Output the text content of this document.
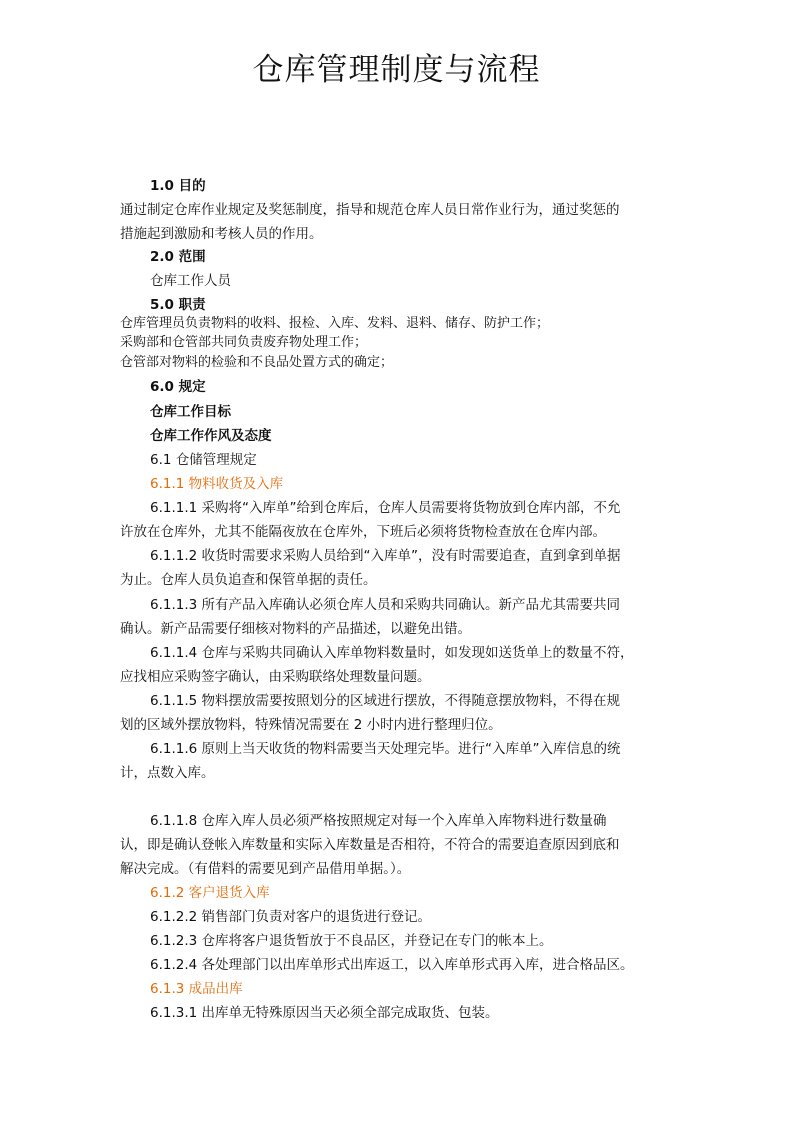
仓库管理制度与流程
1.0 目的
通过制定仓库作业规定及奖惩制度，指导和规范仓库人员日常作业行为，通过奖惩的
措施起到激励和考核人员的作用。
2.0 范围
仓库工作人员
5.0 职责
仓库管理员负责物料的收料、报检、入库、发料、退料、储存、防护工作；
采购部和仓管部共同负责废弃物处理工作；
仓管部对物料的检验和不良品处置方式的确定；
6.0 规定
仓库工作目标
仓库工作作风及态度
6.1 仓储管理规定
6.1.1 物料收货及入库
6.1.1.1 采购将“入库单”给到仓库后，仓库人员需要将货物放到仓库内部，不允
许放在仓库外，尤其不能隔夜放在仓库外，下班后必须将货物检查放在仓库内部。
6.1.1.2 收货时需要求采购人员给到“入库单”，没有时需要追查，直到拿到单据
为止。仓库人员负追查和保管单据的责任。
6.1.1.3 所有产品入库确认必须仓库人员和采购共同确认。新产品尤其需要共同
确认。新产品需要仔细核对物料的产品描述，以避免出错。
6.1.1.4 仓库与采购共同确认入库单物料数量时，如发现如送货单上的数量不符，
应找相应采购签字确认，由采购联络处理数量问题。
6.1.1.5 物料摆放需要按照划分的区域进行摆放，不得随意摆放物料，不得在规
划的区域外摆放物料，特殊情况需要在 2 小时内进行整理归位。
6.1.1.6 原则上当天收货的物料需要当天处理完毕。进行“入库单”入库信息的统
计，点数入库。
6.1.1.8 仓库入库人员必须严格按照规定对每一个入库单入库物料进行数量确
认，即是确认登帐入库数量和实际入库数量是否相符，不符合的需要追查原因到底和
解决完成。（有借料的需要见到产品借用单据。）。
6.1.2 客户退货入库
6.1.2.2 销售部门负责对客户的退货进行登记。
6.1.2.3 仓库将客户退货暂放于不良品区，并登记在专门的帐本上。
6.1.2.4 各处理部门以出库单形式出库返工，以入库单形式再入库，进合格品区。
6.1.3 成品出库
6.1.3.1 出库单无特殊原因当天必须全部完成取货、包装。
